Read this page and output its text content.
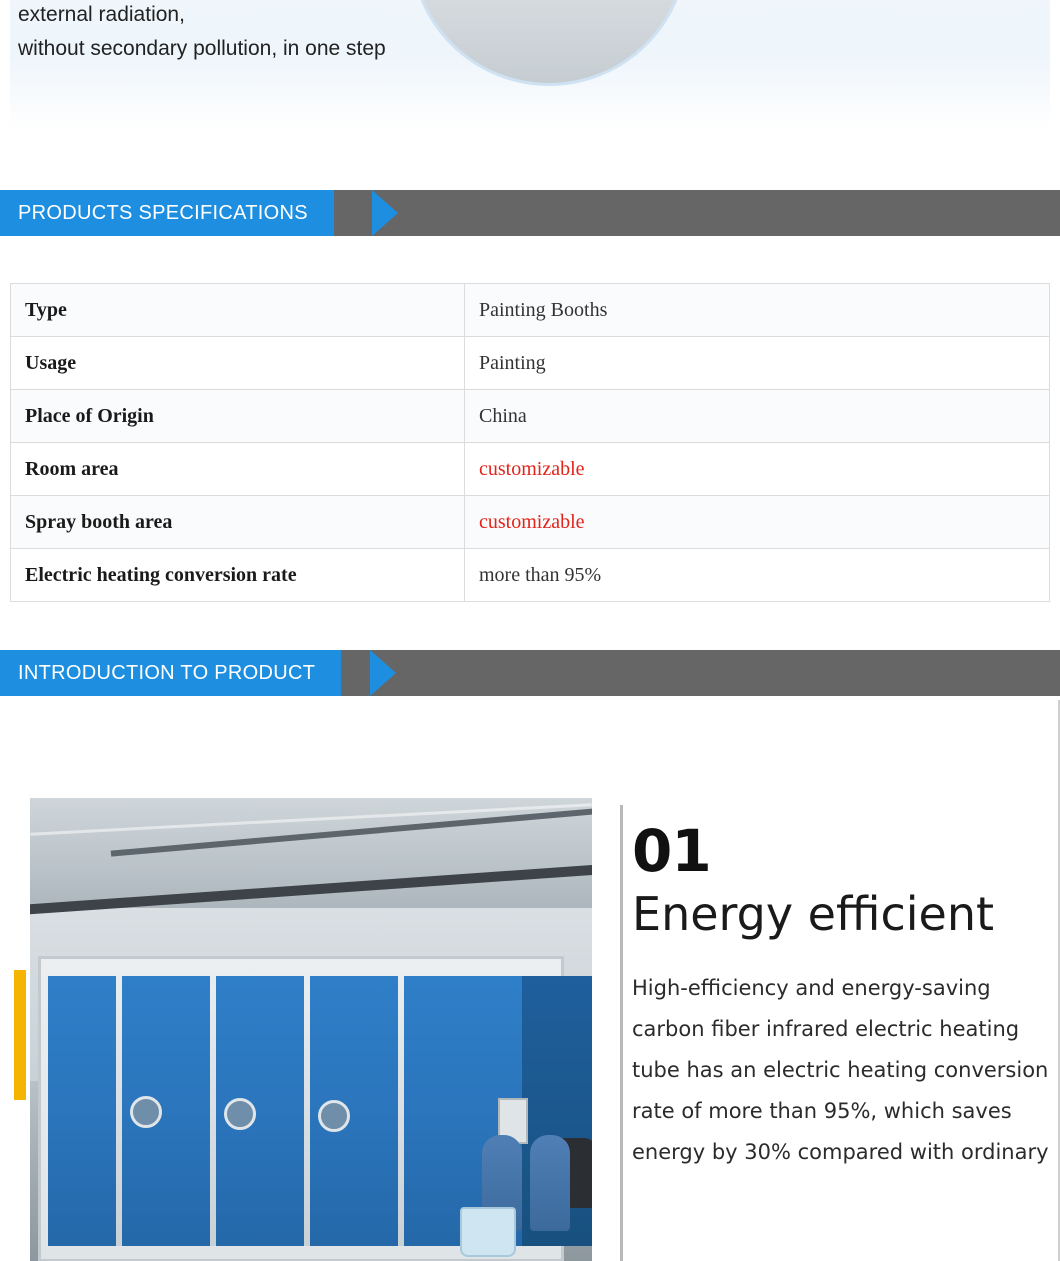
external radiation,
without secondary pollution, in one step
PRODUCTS SPECIFICATIONS
Type	Painting Booths
Usage	Painting
Place of Origin	China
Room area	customizable
Spray booth area	customizable
Electric heating conversion rate	more than 95%
INTRODUCTION TO PRODUCT
01
Energy efficient
High-efficiency and energy-saving carbon fiber infrared electric heating tube has an electric heating conversion rate of more than 95%, which saves energy by 30% compared with ordinary
